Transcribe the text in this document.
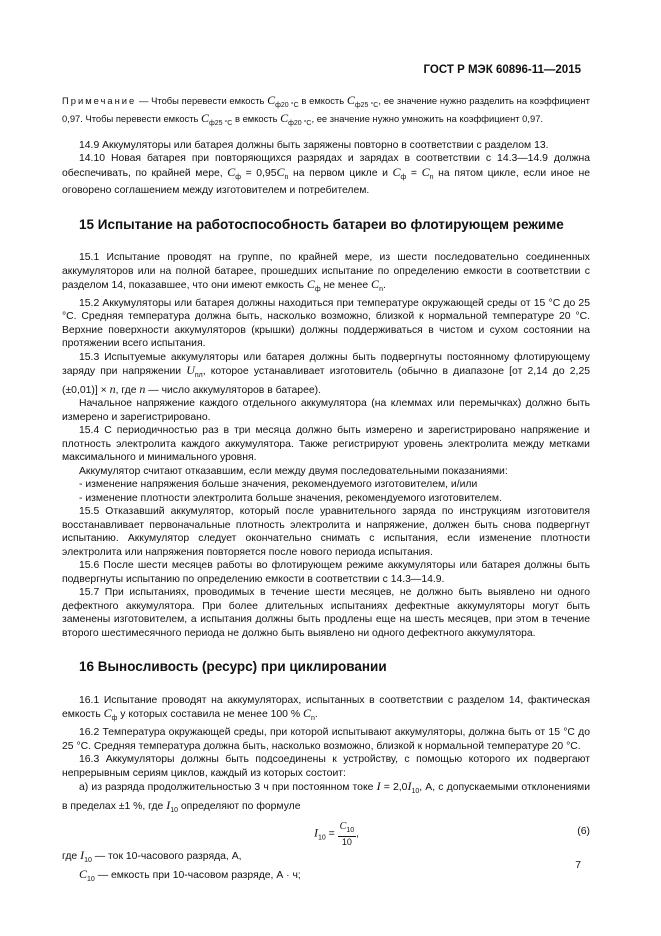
ГОСТ Р МЭК 60896-11—2015

Примечание — Чтобы перевести емкость $C_{ф20 ^\circ С}$ в емкость $C_{ф25 ^\circ С}$, ее значение нужно разделить на коэффициент 0,97. Чтобы перевести емкость $C_{ф25 ^\circ С}$ в емкость $C_{ф20 ^\circ С}$, ее значение нужно умножить на коэффициент 0,97.

14.9 Аккумуляторы или батарея должны быть заряжены повторно в соответствии с разделом 13.

14.10 Новая батарея при повторяющихся разрядах и зарядах в соответствии с 14.3—14.9 должна обеспечивать, по крайней мере, $C_ф = 0,95C_n$ на первом цикле и $C_ф = C_n$ на пятом цикле, если иное не оговорено соглашением между изготовителем и потребителем.

15 Испытание на работоспособность батареи во флотирующем режиме

15.1 Испытание проводят на группе, по крайней мере, из шести последовательно соединенных аккумуляторов или на полной батарее, прошедших испытание по определению емкости в соответствии с разделом 14, показавшее, что они имеют емкость $C_ф$ не менее $C_n$.

15.2 Аккумуляторы или батарея должны находиться при температуре окружающей среды от 15 °С до 25 °С. Средняя температура должна быть, насколько возможно, близкой к нормальной температуре 20 °С. Верхние поверхности аккумуляторов (крышки) должны поддерживаться в чистом и сухом состоянии на протяжении всего испытания.

15.3 Испытуемые аккумуляторы или батарея должны быть подвергнуты постоянному флотирующему заряду при напряжении $U_{пл}$, которое устанавливает изготовитель (обычно в диапазоне [от 2,14 до 2,25 (±0,01)] × n, где n — число аккумуляторов в батарее).

Начальное напряжение каждого отдельного аккумулятора (на клеммах или перемычках) должно быть измерено и зарегистрировано.

15.4 С периодичностью раз в три месяца должно быть измерено и зарегистрировано напряжение и плотность электролита каждого аккумулятора. Также регистрируют уровень электролита между метками максимального и минимального уровня.

Аккумулятор считают отказавшим, если между двумя последовательными показаниями:

- изменение напряжения больше значения, рекомендуемого изготовителем, и/или

- изменение плотности электролита больше значения, рекомендуемого изготовителем.

15.5 Отказавший аккумулятор, который после уравнительного заряда по инструкциям изготовителя восстанавливает первоначальные плотность электролита и напряжение, должен быть снова подвергнут испытанию. Аккумулятор следует окончательно снимать с испытания, если изменение плотности электролита или напряжения повторяется после нового периода испытания.

15.6 После шести месяцев работы во флотирующем режиме аккумуляторы или батарея должны быть подвергнуты испытанию по определению емкости в соответствии с 14.3—14.9.

15.7 При испытаниях, проводимых в течение шести месяцев, не должно быть выявлено ни одного дефектного аккумулятора. При более длительных испытаниях дефектные аккумуляторы могут быть заменены изготовителем, а испытания должны быть продлены еще на шесть месяцев, при этом в течение второго шестимесячного периода не должно быть выявлено ни одного дефектного аккумулятора.

16 Выносливость (ресурс) при циклировании

16.1 Испытание проводят на аккумуляторах, испытанных в соответствии с разделом 14, фактическая емкость $C_ф$ у которых составила не менее 100 % $C_n$.

16.2 Температура окружающей среды, при которой испытывают аккумуляторы, должна быть от 15 °С до 25 °С. Средняя температура должна быть, насколько возможно, близкой к нормальной температуре 20 °С.

16.3 Аккумуляторы должны быть подсоединены к устройству, с помощью которого их подвергают непрерывным сериям циклов, каждый из которых состоит:

а) из разряда продолжительностью 3 ч при постоянном токе $I = 2,0I_{10}$, А, с допускаемыми отклонениями в пределах ±1 %, где $I_{10}$ определяют по формуле

$I_{10} = \frac{C_{10}}{10}$ ,	(6)

где $I_{10}$ — ток 10-часового разряда, А,

$C_{10}$ — емкость при 10-часовом разряде, А · ч;

7
